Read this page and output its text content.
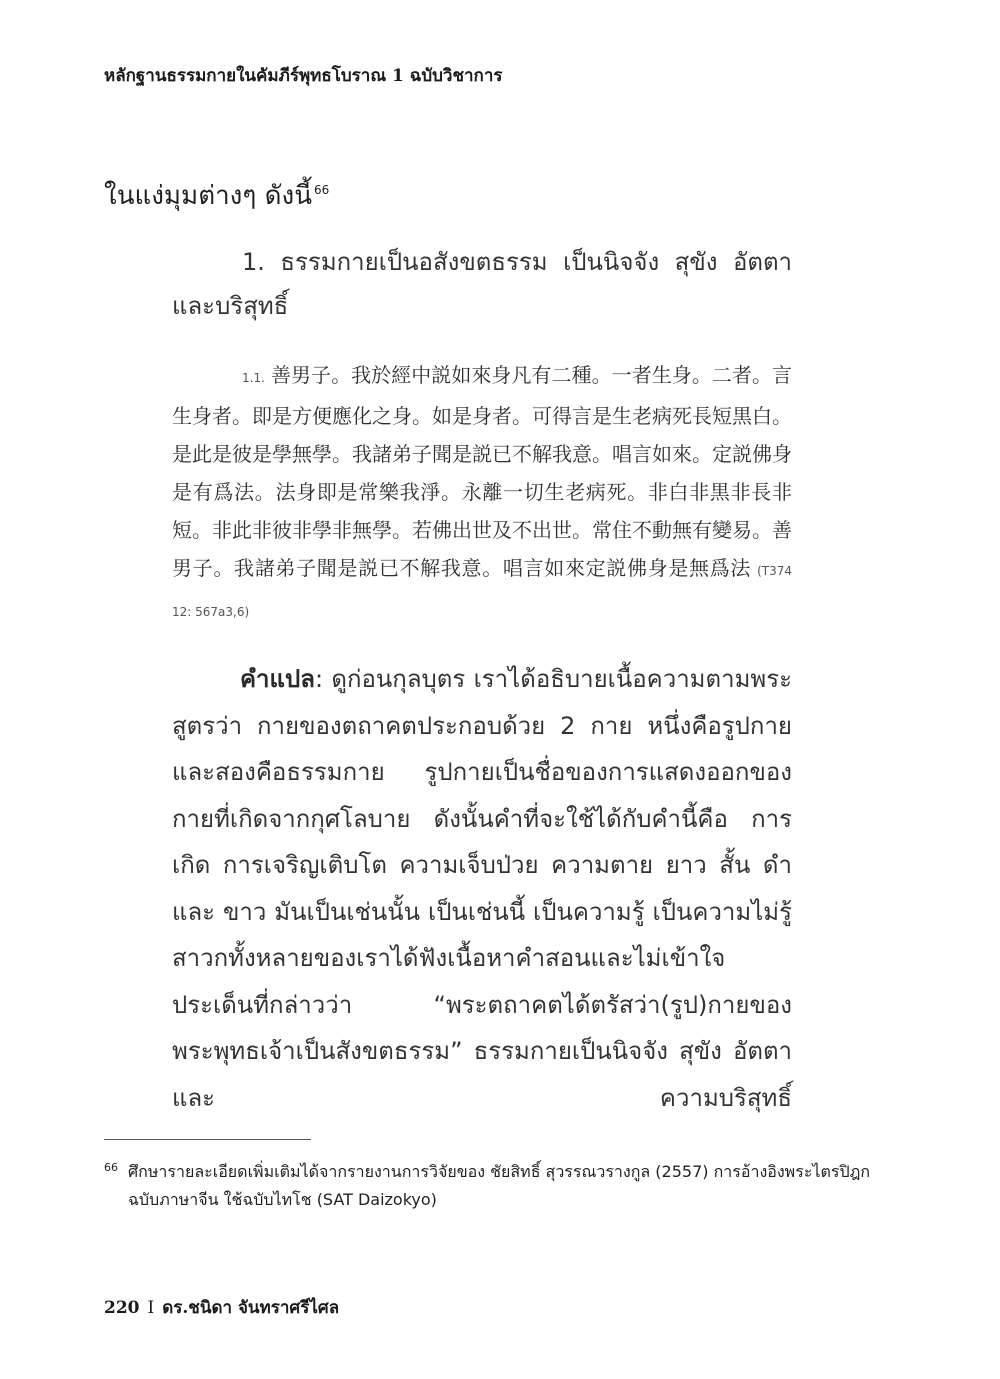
หลักฐานธรรมกายในคัมภีร์พุทธโบราณ 1 ฉบับวิชาการ
ในแง่มุมต่างๆ ดังนี้ $^{66}$
1. ธรรมกายเป็นอสังขตธรรม เป็นนิจจัง สุขัง อัตตา และบริสุทธิ์
1.1. 善男子。我於經中説如來身凡有二種。一者生身。二者。言生身者。即是方便應化之身。如是身者。可得言是生老病死長短黒白。是此是彼是學無學。我諸弟子聞是説已不解我意。唱言如來。定説佛身是有爲法。法身即是常樂我淨。永離一切生老病死。非白非黒非長非短。非此非彼非學非無學。若佛出世及不出世。常住不動無有變易。善男子。我諸弟子聞是説已不解我意。唱言如來定説佛身是無爲法 (T374 12: 567a3,6)
คำแปล: ดูก่อนกุลบุตร เราได้อธิบายเนื้อความตามพระสูตรว่า กายของตถาคตประกอบด้วย 2 กาย หนึ่งคือรูปกายและสองคือธรรมกาย รูปกายเป็นชื่อของการแสดงออกของกายที่เกิดจากกุศโลบาย ดังนั้นคำที่จะใช้ได้กับคำนี้คือ การเกิด การเจริญเติบโต ความเจ็บป่วย ความตาย ยาว สั้น ดำ และ ขาว มันเป็นเช่นนั้น เป็นเช่นนี้ เป็นความรู้ เป็นความไม่รู้ สาวกทั้งหลายของเราได้ฟังเนื้อหาคำสอนและไม่เข้าใจประเด็นที่กล่าวว่า “พระตถาคตได้ตรัสว่า(รูป)กายของพระพุทธเจ้าเป็นสังขตธรรม” ธรรมกายเป็นนิจจัง สุขัง อัตตา และ ความบริสุทธิ์
66 ศึกษารายละเอียดเพิ่มเติมได้จากรายงานการวิจัยของ ชัยสิทธิ์ สุวรรณวรางกูล (2557) การอ้างอิงพระไตรปิฎก ฉบับภาษาจีน ใช้ฉบับไทโช (SAT Daizokyo)
220 I ดร.ชนิดา จันทราศรีไศล
